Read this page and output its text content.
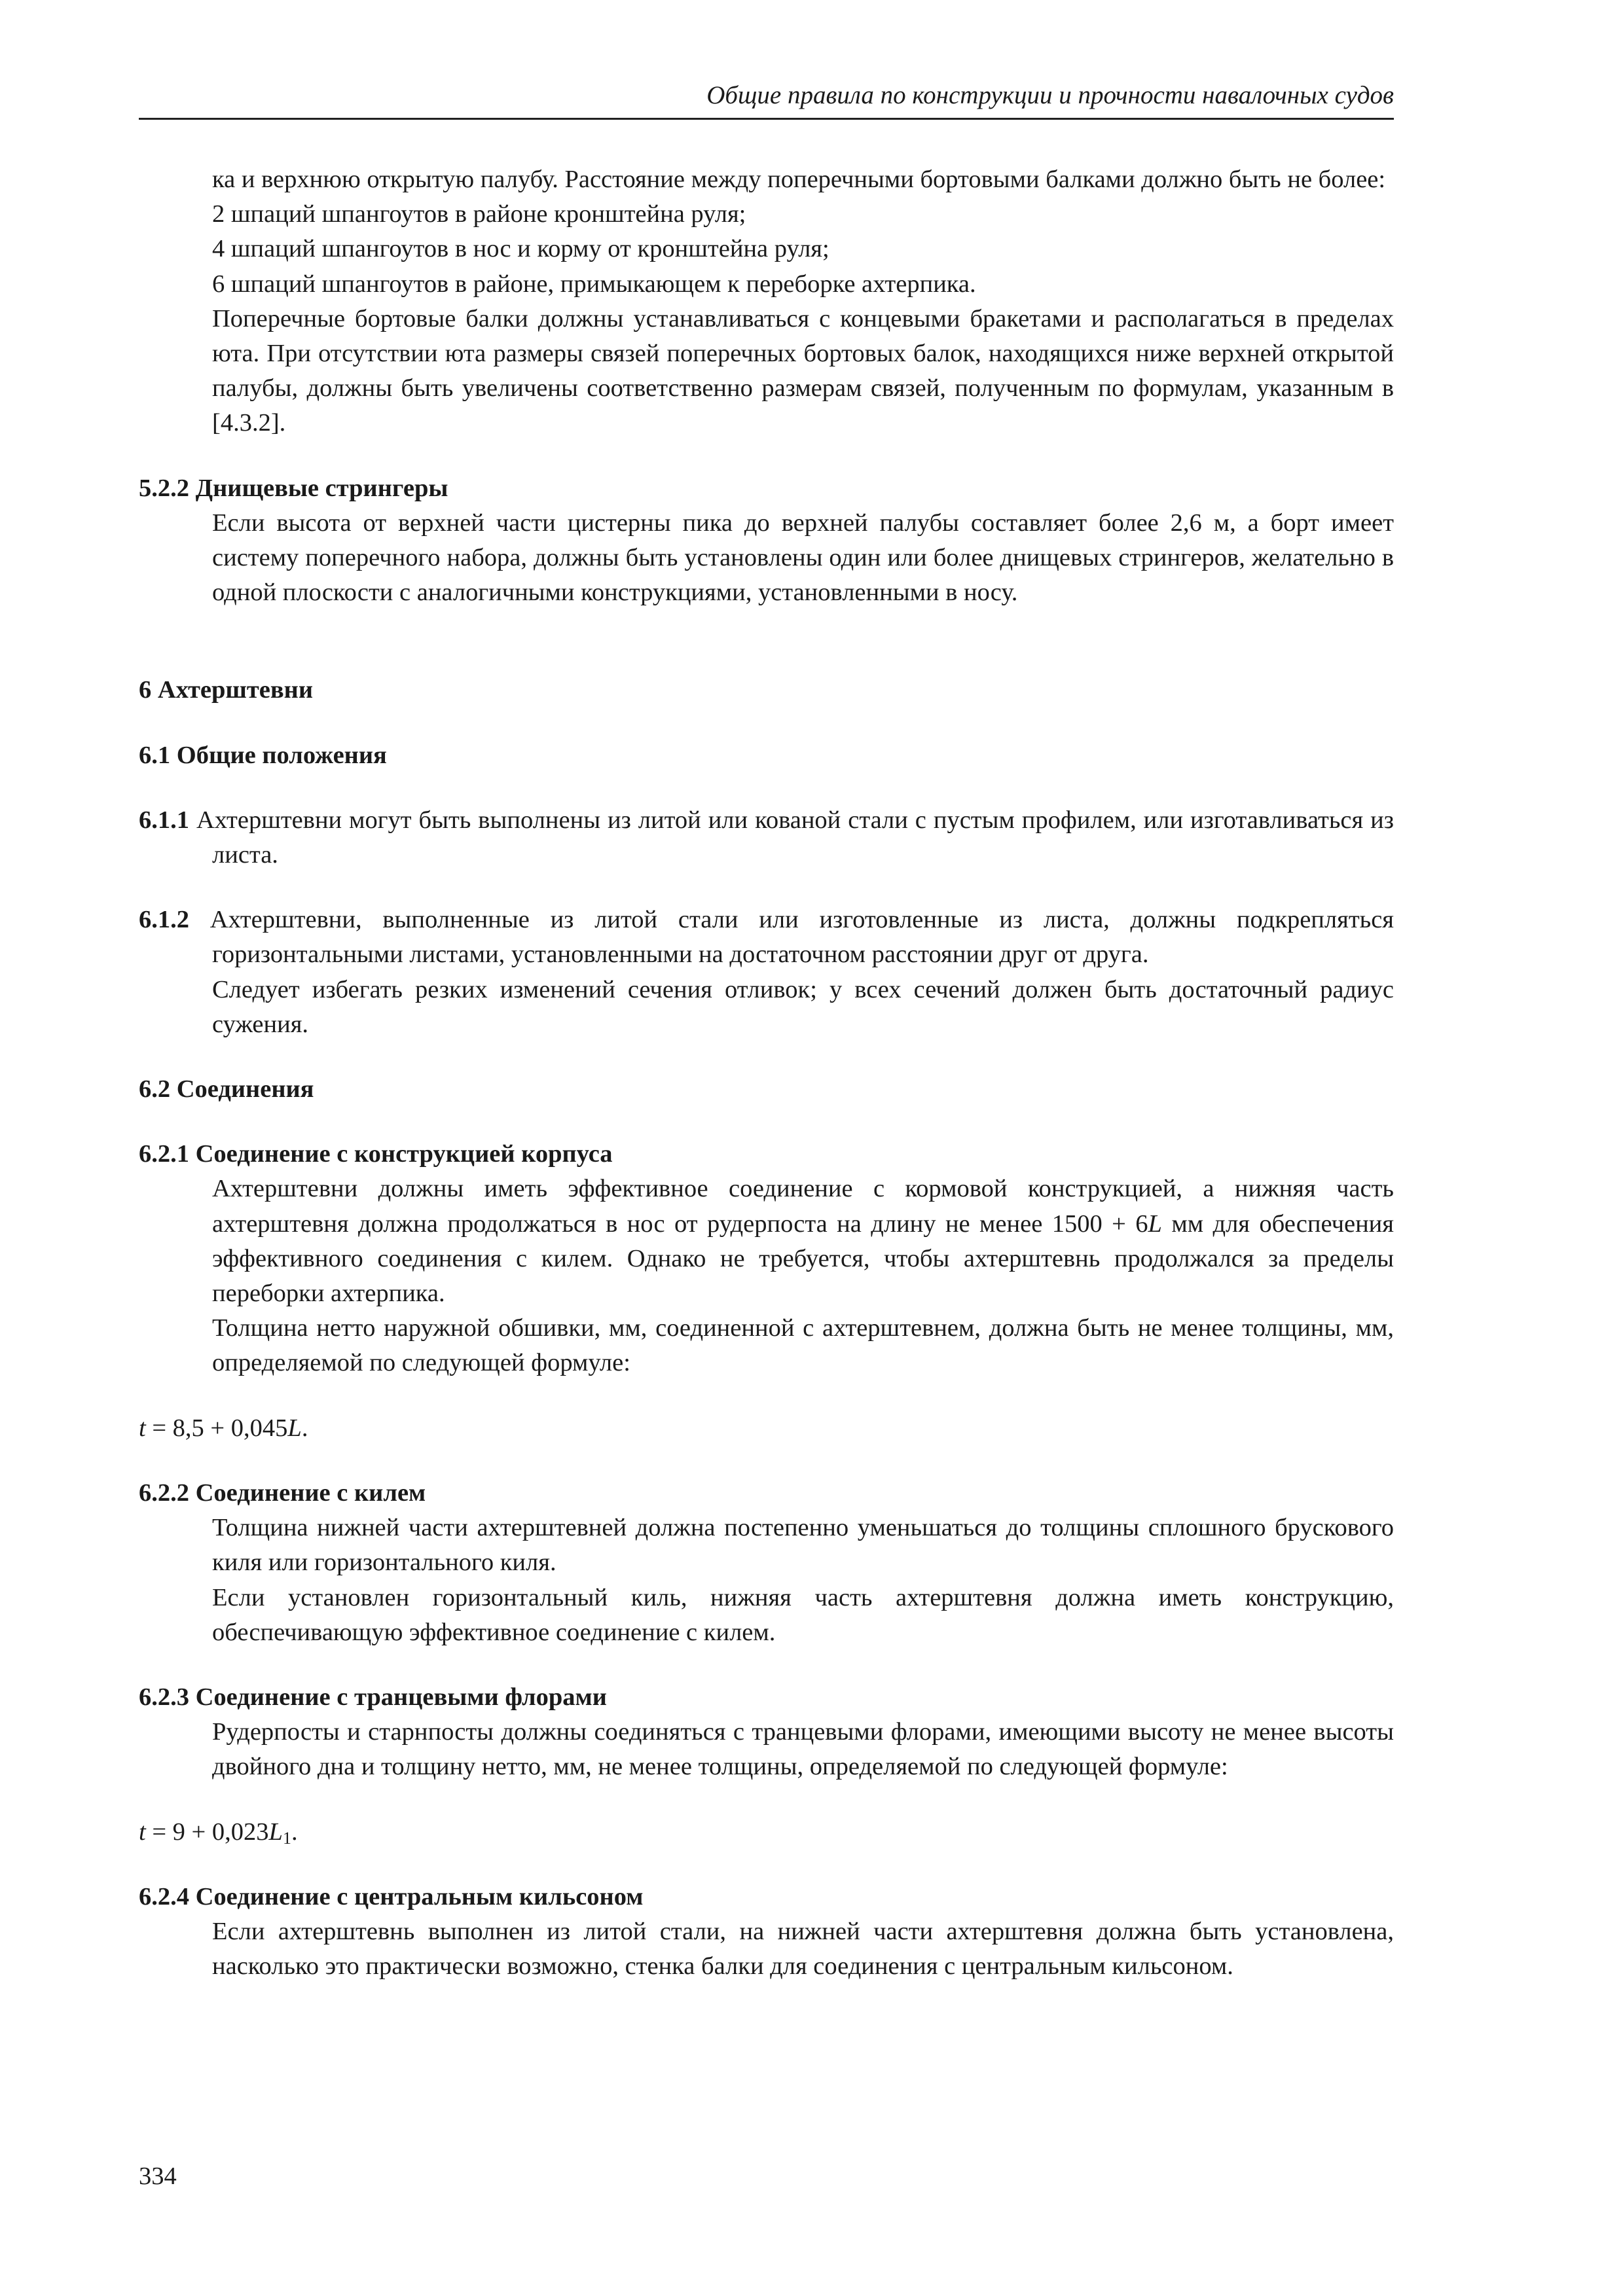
Общие правила по конструкции и прочности навалочных судов

ка и верхнюю открытую палубу. Расстояние между поперечными бортовыми балками должно быть не более:

2 шпаций шпангоутов в районе кронштейна руля;

4 шпаций шпангоутов в нос и корму от кронштейна руля;

6 шпаций шпангоутов в районе, примыкающем к переборке ахтерпика.

Поперечные бортовые балки должны устанавливаться с концевыми бракетами и располагаться в пределах юта. При отсутствии юта размеры связей поперечных бортовых балок, находящихся ниже верхней открытой палубы, должны быть увеличены соответственно размерам связей, полученным по формулам, указанным в [4.3.2].

5.2.2 Днищевые стрингеры

Если высота от верхней части цистерны пика до верхней палубы составляет более 2,6 м, а борт имеет систему поперечного набора, должны быть установлены один или более днищевых стрингеров, желательно в одной плоскости с аналогичными конструкциями, установленными в носу.

6 Ахтерштевни

6.1 Общие положения

6.1.1 Ахтерштевни могут быть выполнены из литой или кованой стали с пустым профилем, или изготавливаться из листа.

6.1.2 Ахтерштевни, выполненные из литой стали или изготовленные из листа, должны подкрепляться горизонтальными листами, установленными на достаточном расстоянии друг от друга.

Следует избегать резких изменений сечения отливок; у всех сечений должен быть достаточный радиус сужения.

6.2 Соединения

6.2.1 Соединение с конструкцией корпуса

Ахтерштевни должны иметь эффективное соединение с кормовой конструкцией, а нижняя часть ахтерштевня должна продолжаться в нос от рудерпоста на длину не менее 1500 + 6L мм для обеспечения эффективного соединения с килем. Однако не требуется, чтобы ахтерштевнь продолжался за пределы переборки ахтерпика.

Толщина нетто наружной обшивки, мм, соединенной с ахтерштевнем, должна быть не менее толщины, мм, определяемой по следующей формуле:

t = 8,5 + 0,045L.

6.2.2 Соединение с килем

Толщина нижней части ахтерштевней должна постепенно уменьшаться до толщины сплошного брускового киля или горизонтального киля.

Если установлен горизонтальный киль, нижняя часть ахтерштевня должна иметь конструкцию, обеспечивающую эффективное соединение с килем.

6.2.3 Соединение с транцевыми флорами

Рудерпосты и старнпосты должны соединяться с транцевыми флорами, имеющими высоту не менее высоты двойного дна и толщину нетто, мм, не менее толщины, определяемой по следующей формуле:

$t = 9 + 0,023L_1$.

6.2.4 Соединение с центральным кильсоном

Если ахтерштевнь выполнен из литой стали, на нижней части ахтерштевня должна быть установлена, насколько это практически возможно, стенка балки для соединения с центральным кильсоном.

334
